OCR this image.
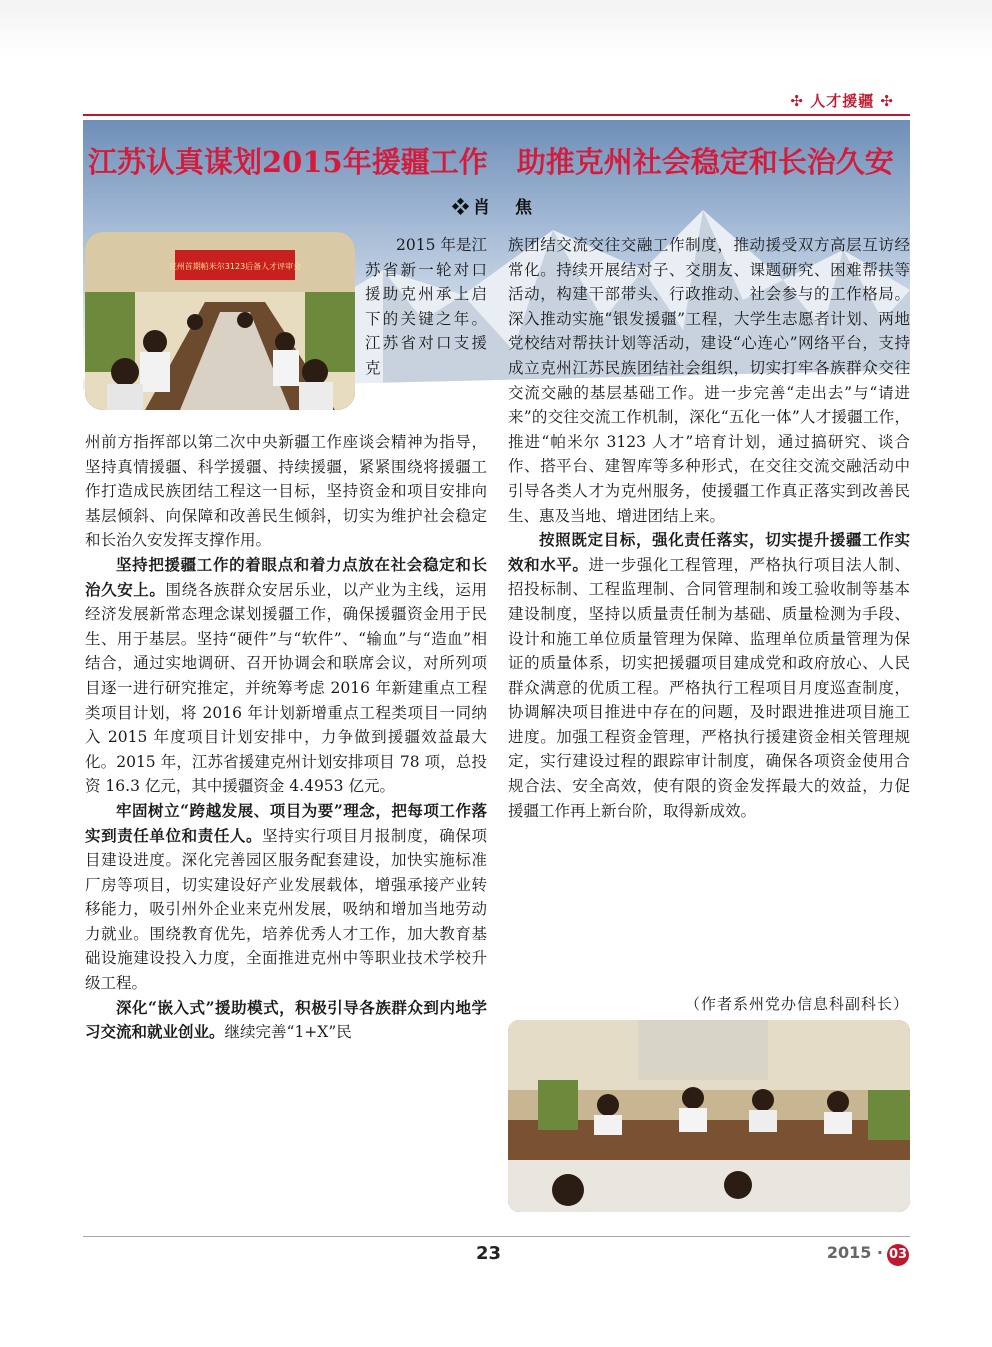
✣ 人才援疆 ✣
江苏认真谋划2015年援疆工作　助推克州社会稳定和长治久安
❖肖　焦
克州首期帕米尔3123后备人才评审会

2015 年是江苏省新一轮对口援助克州承上启下的关键之年。江苏省对口支援克

州前方指挥部以第二次中央新疆工作座谈会精神为指导，坚持真情援疆、科学援疆、持续援疆，紧紧围绕将援疆工作打造成民族团结工程这一目标，坚持资金和项目安排向基层倾斜、向保障和改善民生倾斜，切实为维护社会稳定和长治久安发挥支撑作用。

坚持把援疆工作的着眼点和着力点放在社会稳定和长治久安上。围绕各族群众安居乐业，以产业为主线，运用经济发展新常态理念谋划援疆工作，确保援疆资金用于民生、用于基层。坚持“硬件”与“软件”、“输血”与“造血”相结合，通过实地调研、召开协调会和联席会议，对所列项目逐一进行研究推定，并统筹考虑 2016 年新建重点工程类项目计划，将 2016 年计划新增重点工程类项目一同纳入 2015 年度项目计划安排中，力争做到援疆效益最大化。2015 年，江苏省援建克州计划安排项目 78 项，总投资 16.3 亿元，其中援疆资金 4.4953 亿元。

牢固树立“跨越发展、项目为要”理念，把每项工作落实到责任单位和责任人。坚持实行项目月报制度，确保项目建设进度。深化完善园区服务配套建设，加快实施标准厂房等项目，切实建设好产业发展载体，增强承接产业转移能力，吸引州外企业来克州发展，吸纳和增加当地劳动力就业。围绕教育优先，培养优秀人才工作，加大教育基础设施建设投入力度，全面推进克州中等职业技术学校升级工程。

深化“嵌入式”援助模式，积极引导各族群众到内地学习交流和就业创业。继续完善“1+X”民

族团结交流交往交融工作制度，推动援受双方高层互访经常化。持续开展结对子、交朋友、课题研究、困难帮扶等活动，构建干部带头、行政推动、社会参与的工作格局。深入推动实施“银发援疆”工程，大学生志愿者计划、两地党校结对帮扶计划等活动，建设“心连心”网络平台，支持成立克州江苏民族团结社会组织，切实打牢各族群众交往交流交融的基层基础工作。进一步完善“走出去”与“请进来”的交往交流工作机制，深化“五化一体”人才援疆工作，推进“帕米尔 3123 人才”培育计划，通过搞研究、谈合作、搭平台、建智库等多种形式，在交往交流交融活动中引导各类人才为克州服务，使援疆工作真正落实到改善民生、惠及当地、增进团结上来。

按照既定目标，强化责任落实，切实提升援疆工作实效和水平。进一步强化工程管理，严格执行项目法人制、招投标制、工程监理制、合同管理制和竣工验收制等基本建设制度，坚持以质量责任制为基础、质量检测为手段、设计和施工单位质量管理为保障、监理单位质量管理为保证的质量体系，切实把援疆项目建成党和政府放心、人民群众满意的优质工程。严格执行工程项目月度巡查制度，协调解决项目推进中存在的问题，及时跟进推进项目施工进度。加强工程资金管理，严格执行援建资金相关管理规定，实行建设过程的跟踪审计制度，确保各项资金使用合规合法、安全高效，使有限的资金发挥最大的效益，力促援疆工作再上新台阶，取得新成效。

（作者系州党办信息科副科长）
23	2015 · 03
